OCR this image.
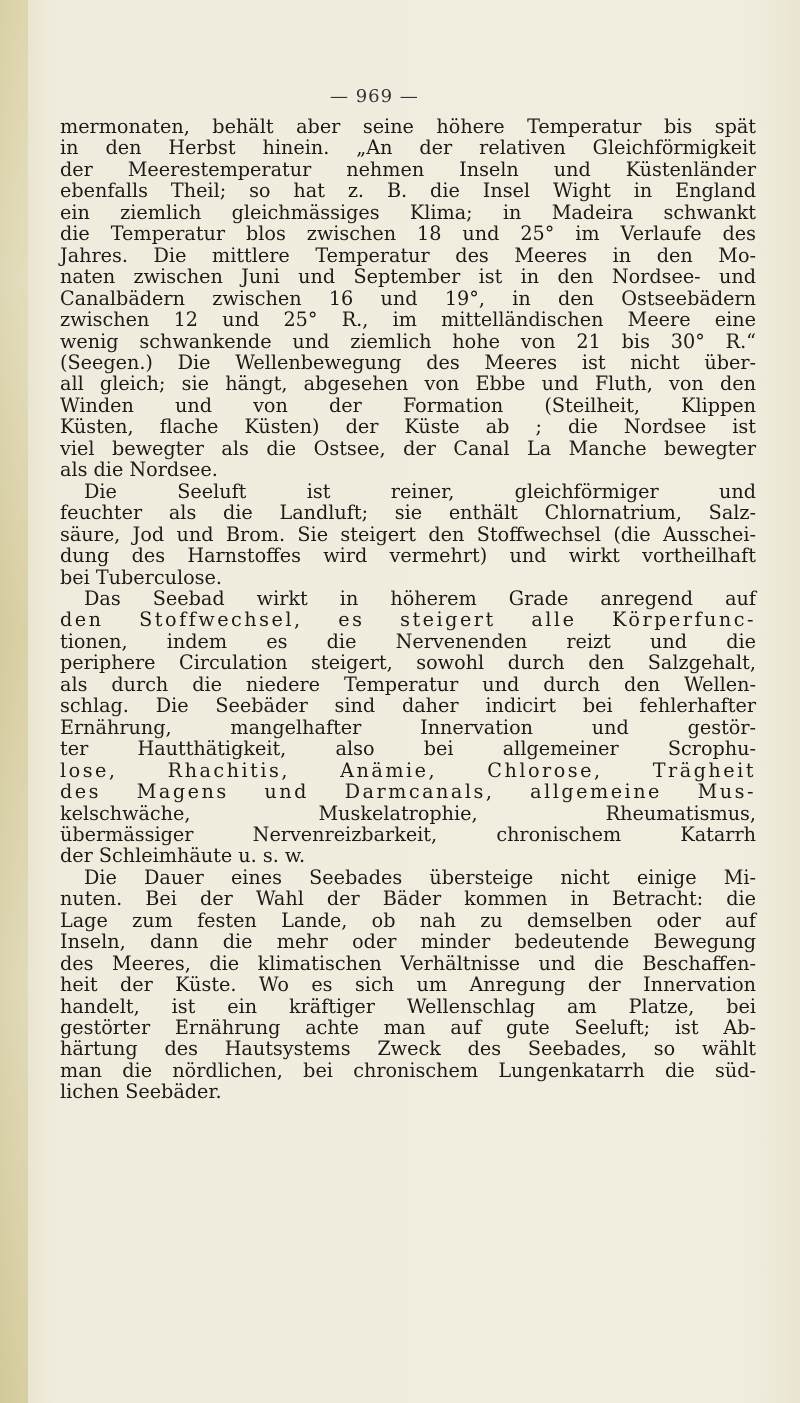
— 969 —
mermonaten, behält aber seine höhere Temperatur bis spät
in den Herbst hinein. „An der relativen Gleichförmigkeit
der Meerestemperatur nehmen Inseln und Küstenländer
ebenfalls Theil; so hat z. B. die Insel Wight in England
ein ziemlich gleichmässiges Klima; in Madeira schwankt
die Temperatur blos zwischen 18 und 25° im Verlaufe des
Jahres. Die mittlere Temperatur des Meeres in den Mo-
naten zwischen Juni und September ist in den Nordsee- und
Canalbädern zwischen 16 und 19°, in den Ostseebädern
zwischen 12 und 25° R., im mittelländischen Meere eine
wenig schwankende und ziemlich hohe von 21 bis 30° R.“
(Seegen.) Die Wellenbewegung des Meeres ist nicht über-
all gleich; sie hängt, abgesehen von Ebbe und Fluth, von den
Winden und von der Formation (Steilheit, Klippen
Küsten, flache Küsten) der Küste ab ; die Nordsee ist
viel bewegter als die Ostsee, der Canal La Manche bewegter
als die Nordsee.
Die Seeluft ist reiner, gleichförmiger und
feuchter als die Landluft; sie enthält Chlornatrium, Salz-
säure, Jod und Brom. Sie steigert den Stoffwechsel (die Ausschei-
dung des Harnstoffes wird vermehrt) und wirkt vortheilhaft
bei Tuberculose.
Das Seebad wirkt in höherem Grade anregend auf
den Stoffwechsel, es steigert alle Körperfunc-
tionen, indem es die Nervenenden reizt und die
periphere Circulation steigert, sowohl durch den Salzgehalt,
als durch die niedere Temperatur und durch den Wellen-
schlag. Die Seebäder sind daher indicirt bei fehlerhafter
Ernährung, mangelhafter Innervation und gestör-
ter Hautthätigkeit, also bei allgemeiner Scrophu-
lose, Rhachitis, Anämie, Chlorose, Trägheit
des Magens und Darmcanals, allgemeine Mus-
kelschwäche, Muskelatrophie, Rheumatismus,
übermässiger Nervenreizbarkeit, chronischem Katarrh
der Schleimhäute u. s. w.
Die Dauer eines Seebades übersteige nicht einige Mi-
nuten. Bei der Wahl der Bäder kommen in Betracht: die
Lage zum festen Lande, ob nah zu demselben oder auf
Inseln, dann die mehr oder minder bedeutende Bewegung
des Meeres, die klimatischen Verhältnisse und die Beschaffen-
heit der Küste. Wo es sich um Anregung der Innervation
handelt, ist ein kräftiger Wellenschlag am Platze, bei
gestörter Ernährung achte man auf gute Seeluft; ist Ab-
härtung des Hautsystems Zweck des Seebades, so wählt
man die nördlichen, bei chronischem Lungenkatarrh die süd-
lichen Seebäder.
